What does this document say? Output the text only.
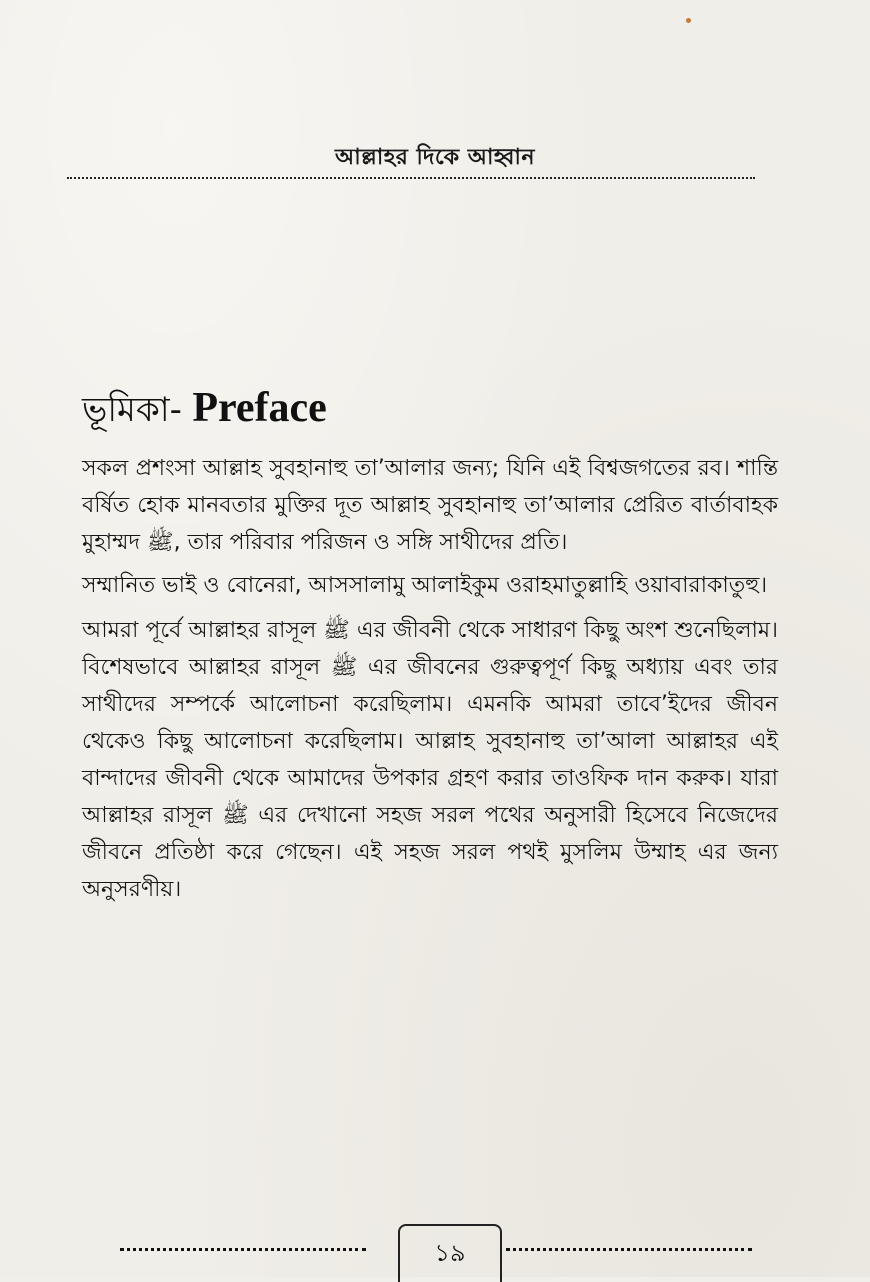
আল্লাহর দিকে আহ্বান
ভূমিকা- Preface

সকল প্রশংসা আল্লাহ সুবহানাহু তা’আলার জন্য; যিনি এই বিশ্বজগতের রব। শান্তি বর্ষিত হোক মানবতার মুক্তির দূত আল্লাহ সুবহানাহু তা’আলার প্রেরিত বার্তাবাহক মুহাম্মদ ﷺ, তার পরিবার পরিজন ও সঙ্গি সাথীদের প্রতি।

সম্মানিত ভাই ও বোনেরা, আসসালামু আলাইকুম ওরাহমাতুল্লাহি ওয়াবারাকাতুহু।

আমরা পূর্বে আল্লাহর রাসূল ﷺ এর জীবনী থেকে সাধারণ কিছু অংশ শুনেছিলাম। বিশেষভাবে আল্লাহর রাসূল ﷺ এর জীবনের গুরুত্বপূর্ণ কিছু অধ্যায় এবং তার সাথীদের সম্পর্কে আলোচনা করেছিলাম। এমনকি আমরা তাবে’ইদের জীবন থেকেও কিছু আলোচনা করেছিলাম। আল্লাহ সুবহানাহু তা’আলা আল্লাহর এই বান্দাদের জীবনী থেকে আমাদের উপকার গ্রহণ করার তাওফিক দান করুক। যারা আল্লাহর রাসূল ﷺ এর দেখানো সহজ সরল পথের অনুসারী হিসেবে নিজেদের জীবনে প্রতিষ্ঠা করে গেছেন। এই সহজ সরল পথই মুসলিম উম্মাহ এর জন্য অনুসরণীয়।

১৯
